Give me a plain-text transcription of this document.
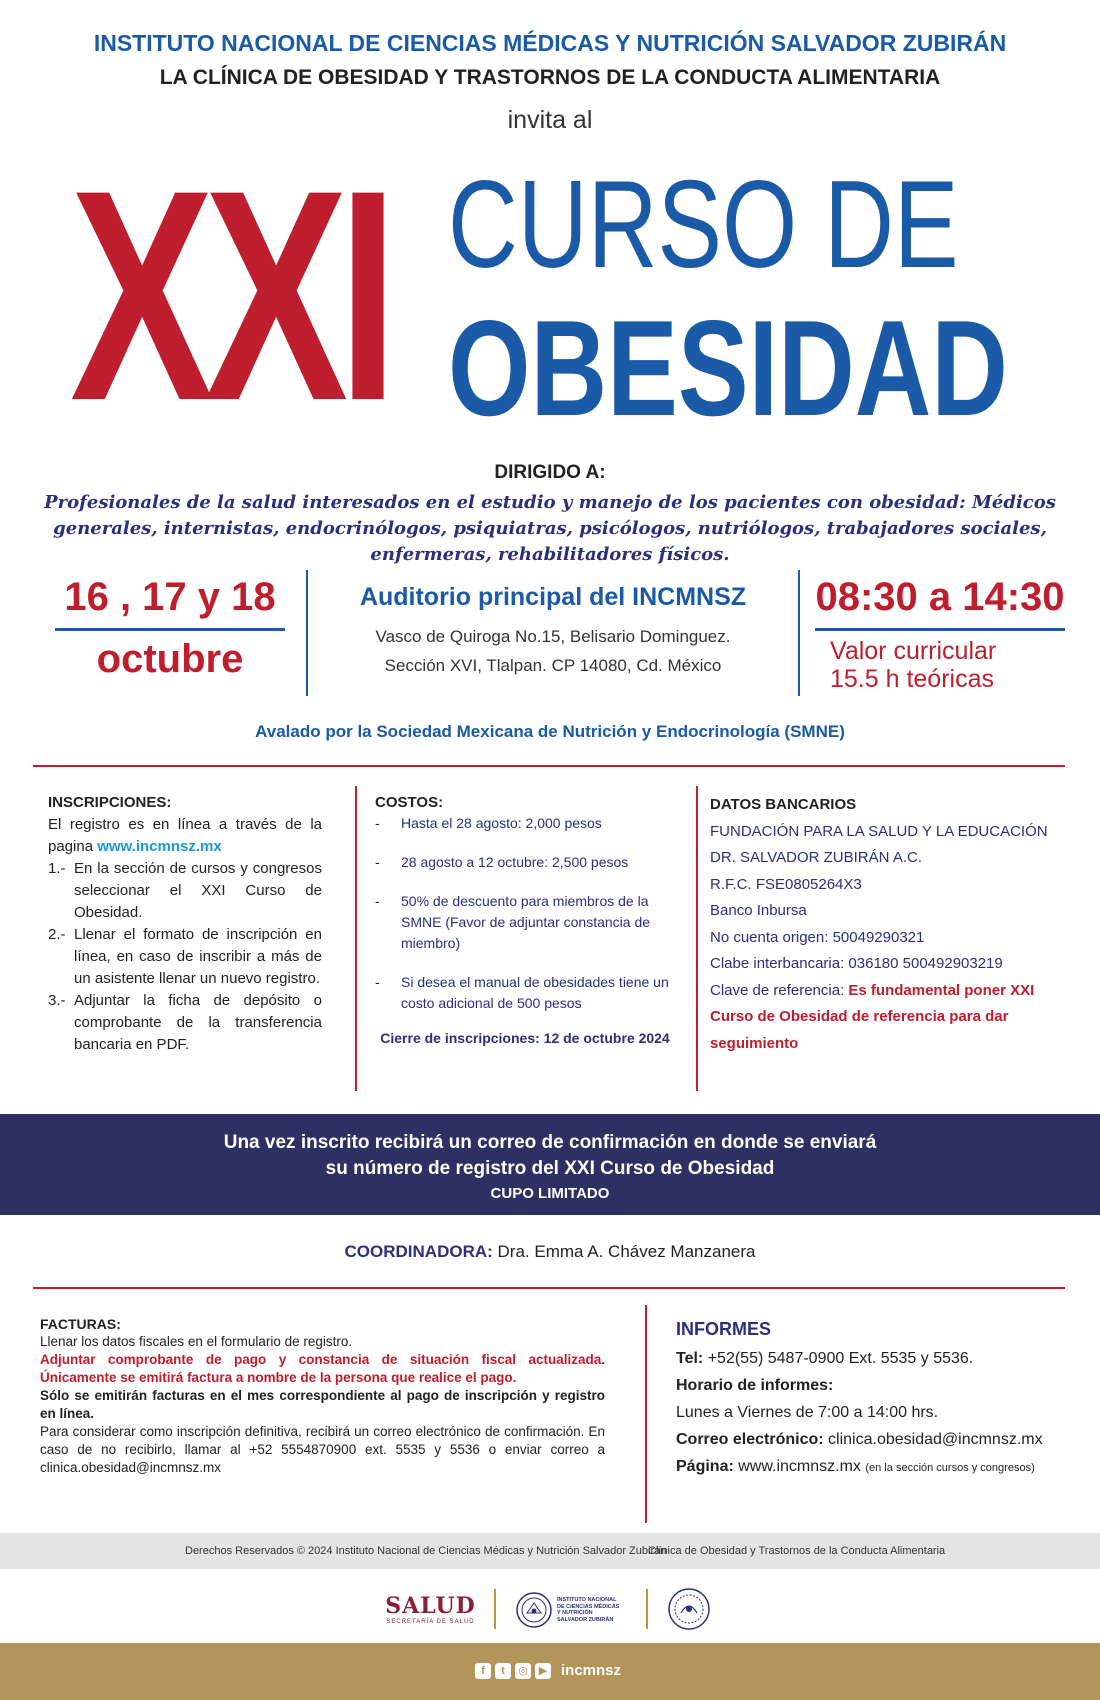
INSTITUTO NACIONAL DE CIENCIAS MÉDICAS Y NUTRICIÓN SALVADOR ZUBIRÁN
LA CLÍNICA DE OBESIDAD Y TRASTORNOS DE LA CONDUCTA ALIMENTARIA
invita al
XXI CURSO DE
OBESIDAD
DIRIGIDO A:
Profesionales de la salud interesados en el estudio y manejo de los pacientes con obesidad: Médicos generales, internistas, endocrinólogos, psiquiatras, psicólogos, nutriólogos, trabajadores sociales, enfermeras, rehabilitadores físicos.
16 , 17 y 18
octubre
Auditorio principal del INCMNSZ
Vasco de Quiroga No.15, Belisario Dominguez.
Sección XVI, Tlalpan. CP 14080, Cd. México
08:30 a 14:30
Valor curricular
15.5 h teóricas
Avalado por la Sociedad Mexicana de Nutrición y Endocrinología (SMNE)
INSCRIPCIONES:
El registro es en línea a través de la pagina www.incmnsz.mx
1.- En la sección de cursos y congresos seleccionar el XXI Curso de Obesidad.
2.- Llenar el formato de inscripción en línea, en caso de inscribir a más de un asistente llenar un nuevo registro.
3.- Adjuntar la ficha de depósito o comprobante de la transferencia bancaria en PDF.
COSTOS:
-	Hasta el 28 agosto: 2,000 pesos
-	28 agosto a 12 octubre: 2,500 pesos
-	50% de descuento para miembros de la SMNE (Favor de adjuntar constancia de miembro)
-	Si desea el manual de obesidades tiene un costo adicional de 500 pesos
Cierre de inscripciones: 12 de octubre 2024
DATOS BANCARIOS
FUNDACIÓN PARA LA SALUD Y LA EDUCACIÓN
DR. SALVADOR ZUBIRÁN A.C.
R.F.C. FSE0805264X3
Banco Inbursa
No cuenta origen: 50049290321
Clabe interbancaria: 036180 500492903219
Clave de referencia: Es fundamental poner XXI Curso de Obesidad de referencia para dar seguimiento
Una vez inscrito recibirá un correo de confirmación en donde se enviará
su número de registro del XXI Curso de Obesidad
CUPO LIMITADO
COORDINADORA: Dra. Emma A. Chávez Manzanera
FACTURAS:
Llenar los datos fiscales en el formulario de registro.
Adjuntar comprobante de pago y constancia de situación fiscal actualizada. Únicamente se emitirá factura a nombre de la persona que realice el pago.
Sólo se emitirán facturas en el mes correspondiente al pago de inscripción y registro en línea.
Para considerar como inscripción definitiva, recibirá un correo electrónico de confirmación. En caso de no recibirlo, llamar al +52 5554870900 ext. 5535 y 5536 o enviar correo a clinica.obesidad@incmnsz.mx
INFORMES
Tel: +52(55) 5487-0900 Ext. 5535 y 5536.
Horario de informes:
Lunes a Viernes de 7:00 a 14:00 hrs.
Correo electrónico: clinica.obesidad@incmnsz.mx
Página: www.incmnsz.mx (en la sección cursos y congresos)
Derechos Reservados © 2024 Instituto Nacional de Ciencias Médicas y Nutrición Salvador Zubirán
Clínica de Obesidad y Trastornos de la Conducta Alimentaria
SALUD
SECRETARÍA DE SALUD
INSTITUTO NACIONAL
DE CIENCIAS MÉDICAS
Y NUTRICIÓN
SALVADOR ZUBIRÁN
f	t	◎ ▶ incmnsz
